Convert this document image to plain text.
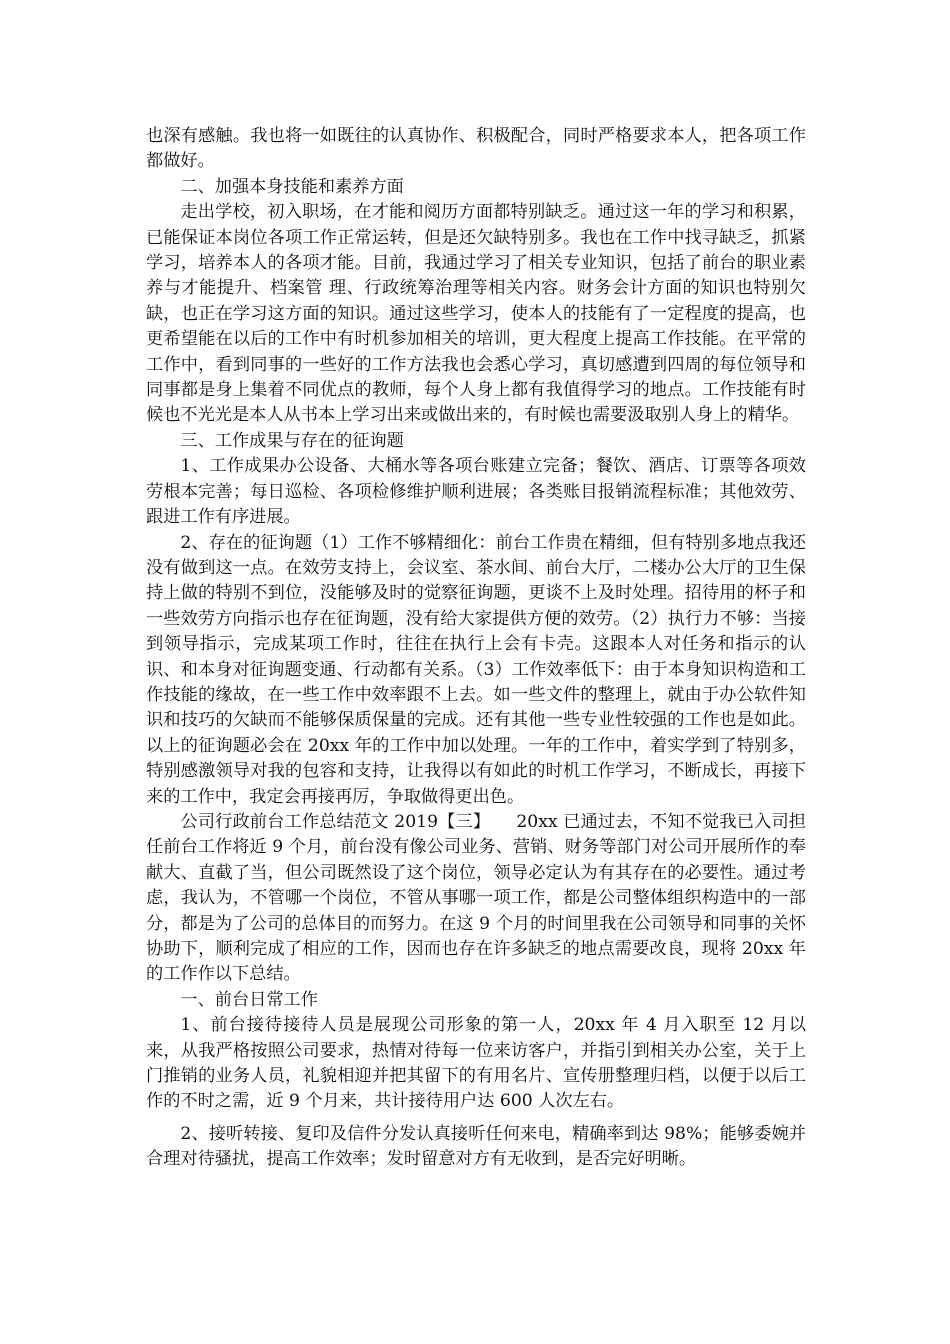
也深有感触。我也将一如既往的认真协作、积极配合，同时严格要求本人，把各项工作都做好。

二、加强本身技能和素养方面

走出学校，初入职场，在才能和阅历方面都特别缺乏。通过这一年的学习和积累，已能保证本岗位各项工作正常运转，但是还欠缺特别多。我也在工作中找寻缺乏，抓紧学习，培养本人的各项才能。目前，我通过学习了相关专业知识，包括了前台的职业素养与才能提升、档案管 理、行政统筹治理等相关内容。财务会计方面的知识也特别欠缺，也正在学习这方面的知识。通过这些学习，使本人的技能有了一定程度的提高，也更希望能在以后的工作中有时机参加相关的培训，更大程度上提高工作技能。在平常的工作中，看到同事的一些好的工作方法我也会悉心学习，真切感遭到四周的每位领导和同事都是身上集着不同优点的教师，每个人身上都有我值得学习的地点。工作技能有时候也不光光是本人从书本上学习出来或做出来的，有时候也需要汲取别人身上的精华。

三、工作成果与存在的征询题

1、工作成果办公设备、大桶水等各项台账建立完备；餐饮、酒店、订票等各项效劳根本完善；每日巡检、各项检修维护顺利进展；各类账目报销流程标准；其他效劳、跟进工作有序进展。

2、存在的征询题（1）工作不够精细化：前台工作贵在精细，但有特别多地点我还没有做到这一点。在效劳支持上，会议室、茶水间、前台大厅，二楼办公大厅的卫生保持上做的特别不到位，没能够及时的觉察征询题，更谈不上及时处理。招待用的杯子和一些效劳方向指示也存在征询题，没有给大家提供方便的效劳。（2）执行力不够：当接到领导指示，完成某项工作时，往往在执行上会有卡壳。这跟本人对任务和指示的认识、和本身对征询题变通、行动都有关系。（3）工作效率低下：由于本身知识构造和工作技能的缘故，在一些工作中效率跟不上去。如一些文件的整理上，就由于办公软件知识和技巧的欠缺而不能够保质保量的完成。还有其他一些专业性较强的工作也是如此。以上的征询题必会在 20xx 年的工作中加以处理。一年的工作中，着实学到了特别多，特别感激领导对我的包容和支持，让我得以有如此的时机工作学习，不断成长，再接下来的工作中，我定会再接再厉，争取做得更出色。

公司行政前台工作总结范文 2019【三】　　20xx 已通过去，不知不觉我已入司担任前台工作将近 9 个月，前台没有像公司业务、营销、财务等部门对公司开展所作的奉献大、直截了当，但公司既然设了这个岗位，领导必定认为有其存在的必要性。通过考虑，我认为，不管哪一个岗位，不管从事哪一项工作，都是公司整体组织构造中的一部分，都是为了公司的总体目的而努力。在这 9 个月的时间里我在公司领导和同事的关怀协助下，顺利完成了相应的工作，因而也存在许多缺乏的地点需要改良，现将 20xx 年的工作作以下总结。

一、前台日常工作

1、前台接待接待人员是展现公司形象的第一人，20xx 年 4 月入职至 12 月以来，从我严格按照公司要求，热情对待每一位来访客户，并指引到相关办公室，关于上门推销的业务人员，礼貌相迎并把其留下的有用名片、宣传册整理归档，以便于以后工作的不时之需，近 9 个月来，共计接待用户达 600 人次左右。

2、接听转接、复印及信件分发认真接听任何来电，精确率到达 98%；能够委婉并合理对待骚扰，提高工作效率；发时留意对方有无收到，是否完好明晰。
